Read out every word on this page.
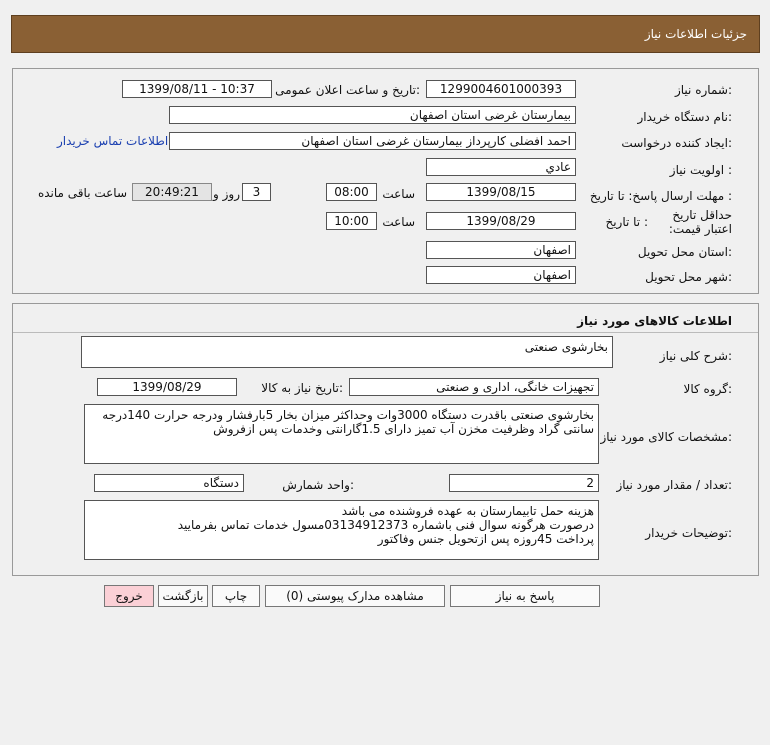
جزئیات اطلاعات نیاز
شماره نیاز:
1299004601000393
تاریخ و ساعت اعلان عمومی:
1399/08/11 - 10:37
نام دستگاه خریدار:
بیمارستان غرضی استان اصفهان
ایجاد کننده درخواست:
احمد افضلی کارپرداز بیمارستان غرضی استان اصفهان
اطلاعات تماس خریدار
اولویت نیاز :
عادي
مهلت ارسال پاسخ: تا تاریخ :
1399/08/15
ساعت
08:00
3
روز و
20:49:21
ساعت باقی مانده
حداقل تاریخ اعتبار قیمت:
تا تاریخ :
1399/08/29
ساعت
10:00
استان محل تحویل:
اصفهان
شهر محل تحویل:
اصفهان
اطلاعات کالاهای مورد نیاز
شرح کلی نیاز:
بخارشوی صنعتی
گروه کالا:
تجهیزات خانگی، اداری و صنعتی
تاریخ نیاز به کالا:
1399/08/29
مشخصات کالای مورد نیاز:
بخارشوی صنعتی باقدرت دستگاه 3000وات وحداکثر میزان بخار 5بارفشار ودرجه حرارت 140درجه سانتی گراد وظرفیت مخزن آب تمیز دارای 1.5گارانتی وخدمات پس ازفروش
تعداد / مقدار مورد نیاز:
2
واحد شمارش:
دستگاه
توضیحات خریدار:
هزینه حمل تابیمارستان به عهده فروشنده می باشد
درصورت هرگونه سوال فنی باشماره 03134912373مسول خدمات تماس بفرمایید
پرداخت 45روزه پس ازتحویل جنس وفاکتور
پاسخ به نیاز
مشاهده مدارک پیوستی (0)
چاپ
بازگشت
خروج
